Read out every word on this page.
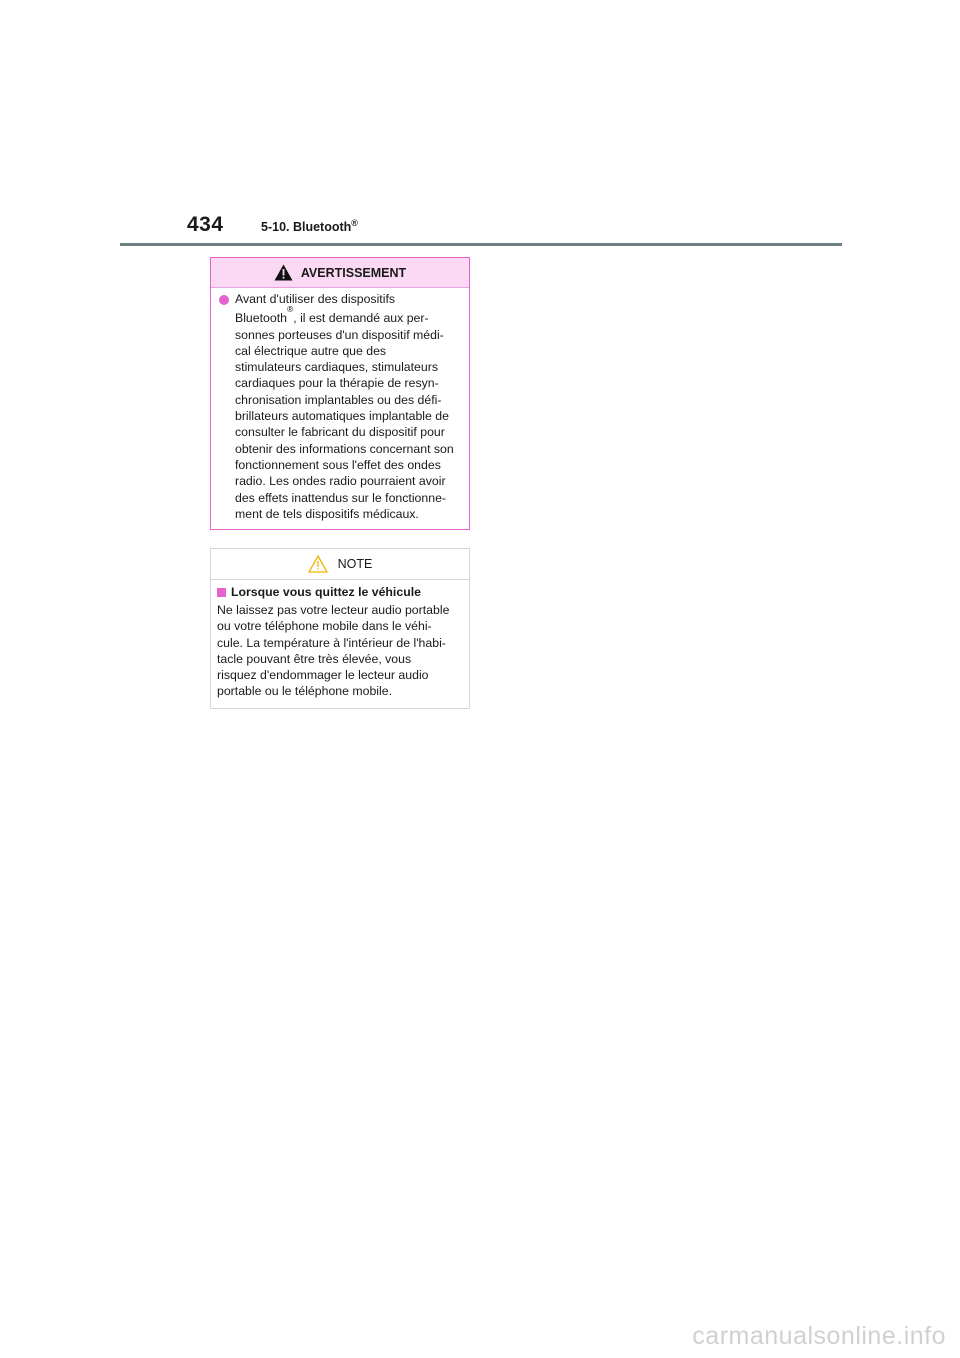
434	5-10. Bluetooth®
AVERTISSEMENT
Avant d'utiliser des dispositifs
Bluetooth®, il est demandé aux per-
sonnes porteuses d'un dispositif médi-
cal électrique autre que des
stimulateurs cardiaques, stimulateurs
cardiaques pour la thérapie de resyn-
chronisation implantables ou des défi-
brillateurs automatiques implantable de
consulter le fabricant du dispositif pour
obtenir des informations concernant son
fonctionnement sous l'effet des ondes
radio. Les ondes radio pourraient avoir
des effets inattendus sur le fonctionne-
ment de tels dispositifs médicaux.
NOTE
Lorsque vous quittez le véhicule
Ne laissez pas votre lecteur audio portable
ou votre téléphone mobile dans le véhi-
cule. La température à l'intérieur de l'habi-
tacle pouvant être très élevée, vous
risquez d'endommager le lecteur audio
portable ou le téléphone mobile.
carmanualsonline.info
